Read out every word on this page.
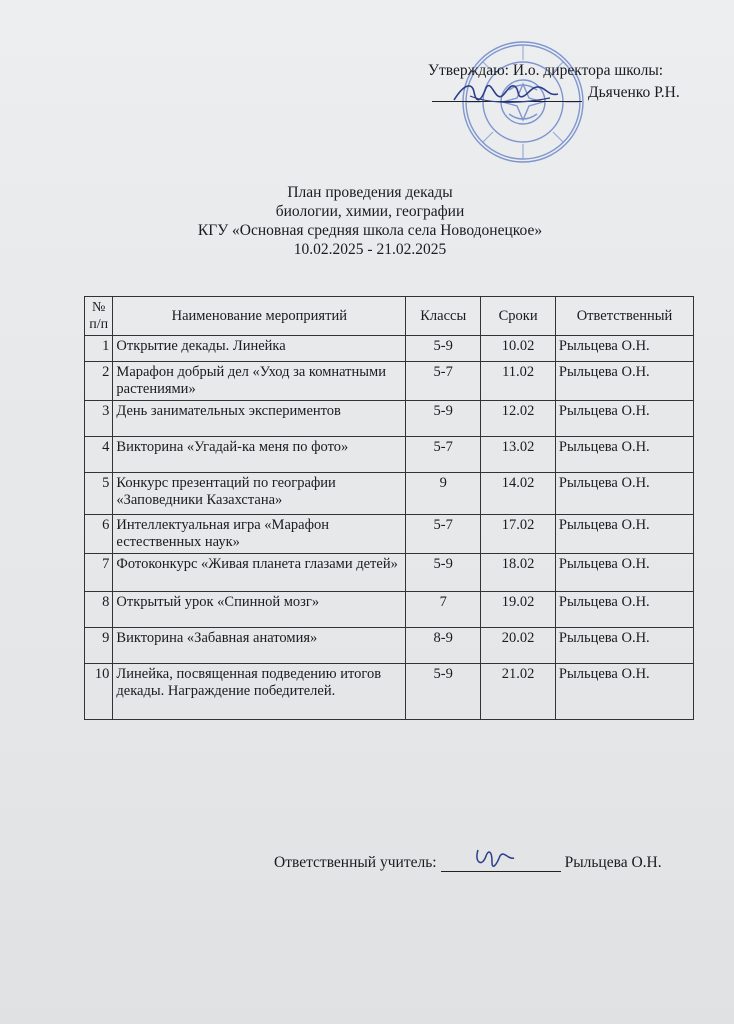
Утверждаю: И.о. директора школы:
Дьяченко Р.Н.
План проведения декады
биологии, химии, географии
КГУ «Основная средняя школа села Новодонецкое»
10.02.2025 - 21.02.2025
№ п/п	Наименование мероприятий	Классы	Сроки	Ответственный
1	Открытие декады. Линейка	5-9	10.02	Рыльцева О.Н.
2	Марафон добрый дел «Уход за комнатными растениями»	5-7	11.02	Рыльцева О.Н.
3	День занимательных экспериментов	5-9	12.02	Рыльцева О.Н.
4	Викторина «Угадай-ка меня по фото»	5-7	13.02	Рыльцева О.Н.
5	Конкурс презентаций по географии «Заповедники Казахстана»	9	14.02	Рыльцева О.Н.
6	Интеллектуальная игра «Марафон естественных наук»	5-7	17.02	Рыльцева О.Н.
7	Фотоконкурс «Живая планета глазами детей»	5-9	18.02	Рыльцева О.Н.
8	Открытый урок «Спинной мозг»	7	19.02	Рыльцева О.Н.
9	Викторина «Забавная анатомия»	8-9	20.02	Рыльцева О.Н.
10	Линейка, посвященная подведению итогов декады. Награждение победителей.	5-9	21.02	Рыльцева О.Н.
Ответственный учитель:	Рыльцева О.Н.
